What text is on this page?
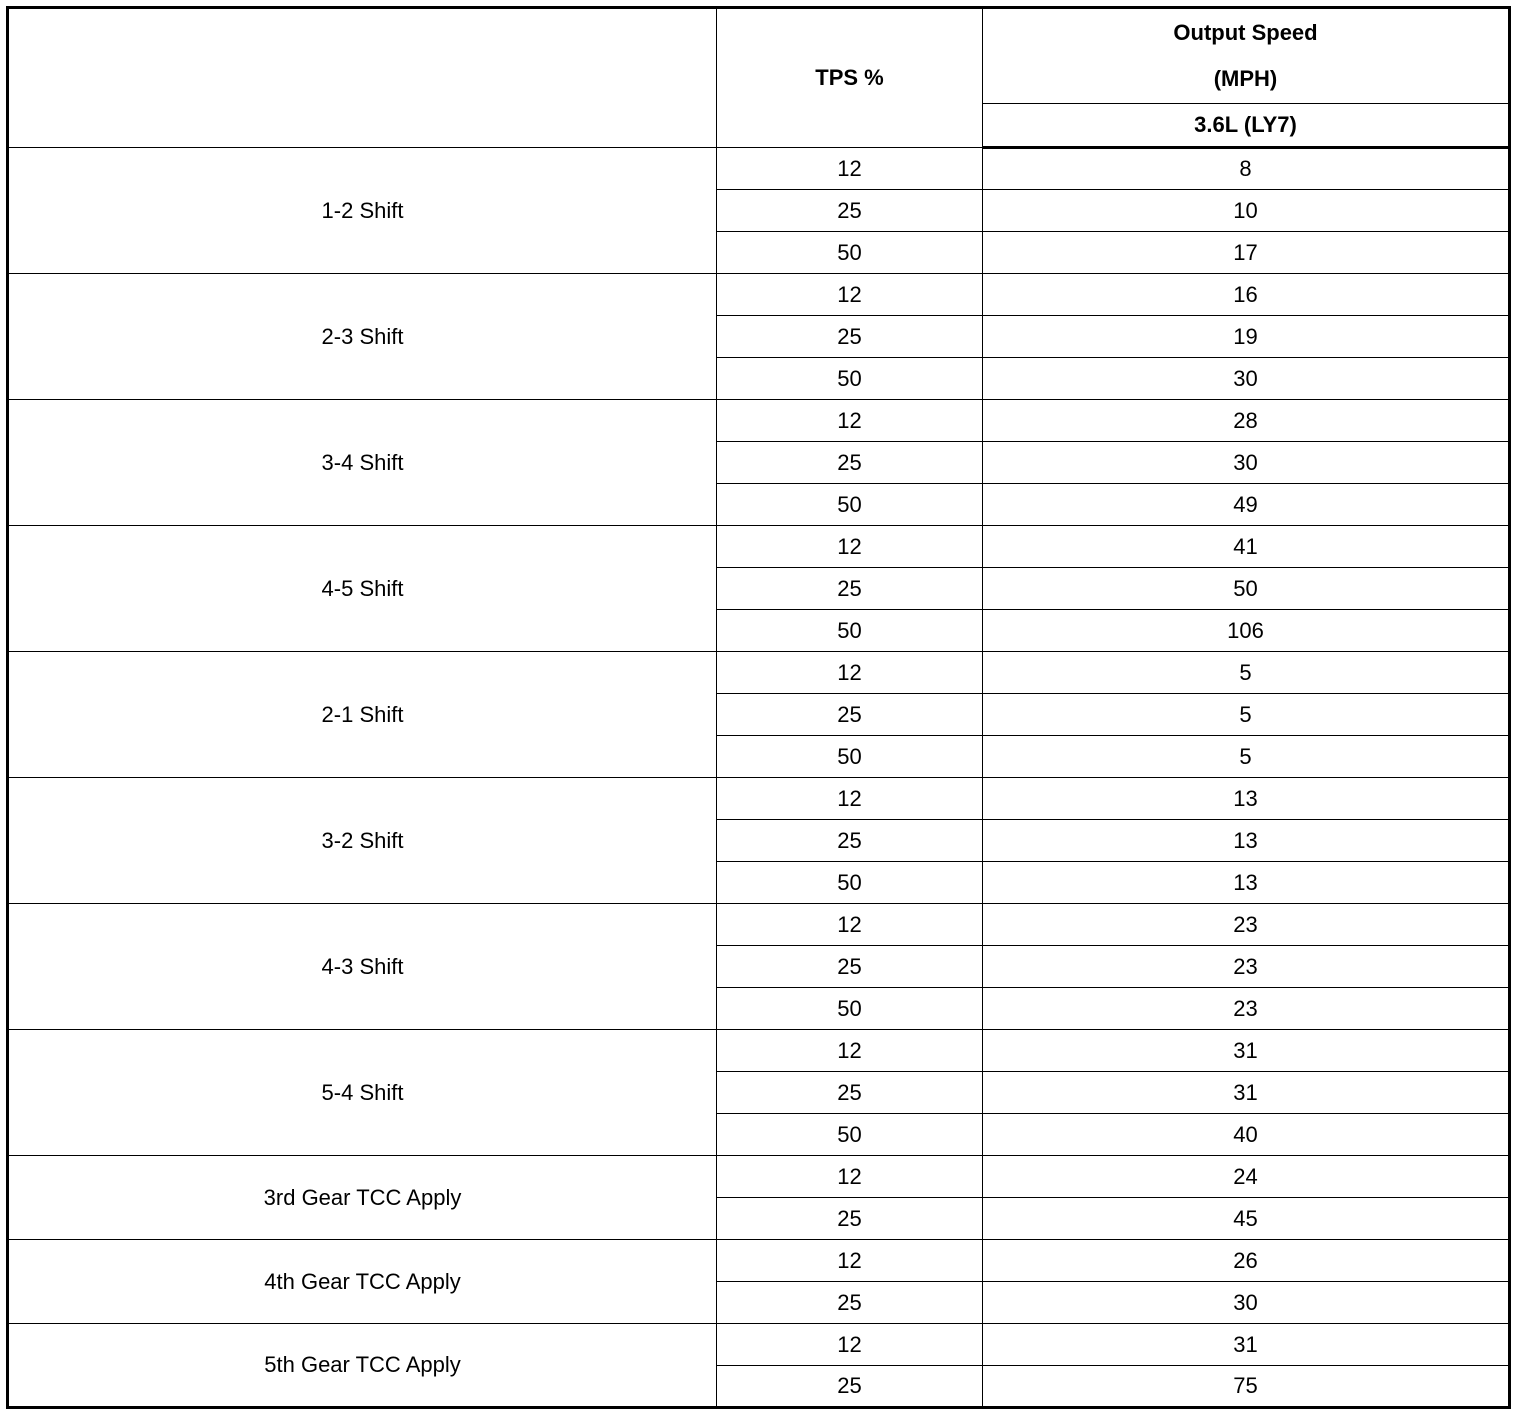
	TPS %	Output Speed
(MPH)

		3.6L (LY7)
1-2 Shift	12	8
	25	10
	50	17
2-3 Shift	12	16
	25	19
	50	30
3-4 Shift	12	28
	25	30
	50	49
4-5 Shift	12	41
	25	50
	50	106
2-1 Shift	12	5
	25	5
	50	5
3-2 Shift	12	13
	25	13
	50	13
4-3 Shift	12	23
	25	23
	50	23
5-4 Shift	12	31
	25	31
	50	40
3rd Gear TCC Apply	12	24
	25	45
4th Gear TCC Apply	12	26
	25	30
5th Gear TCC Apply	12	31
	25	75
